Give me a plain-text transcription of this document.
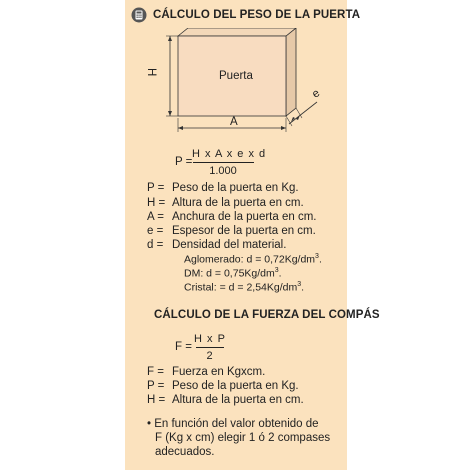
CÁLCULO DEL PESO DE LA PUERTA
Puerta
H
A
e
P =
H x A x e x d
1.000
P = Peso de la puerta en Kg.
H = Altura de la puerta en cm.
A = Anchura de la puerta en cm.
e = Espesor de la puerta en cm.
d = Densidad del material.
Aglomerado: $d = 0,72Kg/dm^3$.
DM: $d = 0,75Kg/dm^3$.
Cristal: = $d = 2,54Kg/dm^3$.
CÁLCULO DE LA FUERZA DEL COMPÁS
F =
H x P
2
F = Fuerza en Kgxcm.
P = Peso de la puerta en Kg.
H = Altura de la puerta en cm.
• En función del valor obtenido de
F (Kg x cm) elegir 1 ó 2 compases
adecuados.
